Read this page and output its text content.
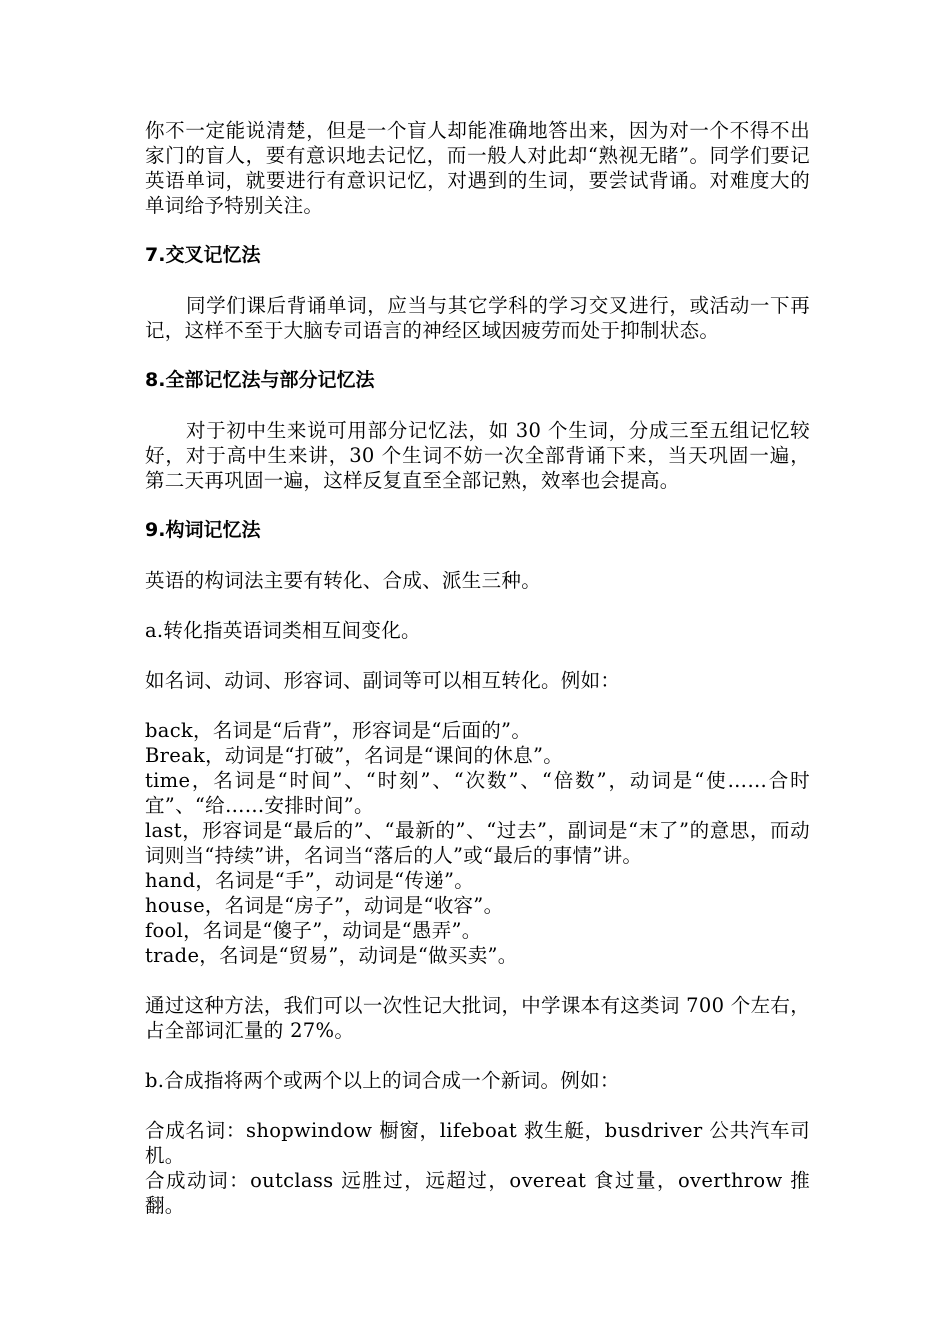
你不一定能说清楚，但是一个盲人却能准确地答出来，因为对一个不得不出家门的盲人，要有意识地去记忆，而一般人对此却“熟视无睹”。同学们要记英语单词，就要进行有意识记忆，对遇到的生词，要尝试背诵。对难度大的单词给予特别关注。

7.交叉记忆法

同学们课后背诵单词，应当与其它学科的学习交叉进行，或活动一下再记，这样不至于大脑专司语言的神经区域因疲劳而处于抑制状态。

8.全部记忆法与部分记忆法

对于初中生来说可用部分记忆法，如 30 个生词，分成三至五组记忆较好，对于高中生来讲，30 个生词不妨一次全部背诵下来，当天巩固一遍，第二天再巩固一遍，这样反复直至全部记熟，效率也会提高。

9.构词记忆法

英语的构词法主要有转化、合成、派生三种。

a.转化指英语词类相互间变化。

如名词、动词、形容词、副词等可以相互转化。例如：

back，名词是“后背”，形容词是“后面的”。

Break，动词是“打破”，名词是“课间的休息”。

time，名词是“时间”、“时刻”、“次数”、“倍数”，动词是“使……合时宜”、“给……安排时间”。

last，形容词是“最后的”、“最新的”、“过去”，副词是“末了”的意思，而动词则当“持续”讲，名词当“落后的人”或“最后的事情”讲。

hand，名词是“手”，动词是“传递”。

house，名词是“房子”，动词是“收容”。

fool，名词是“傻子”，动词是“愚弄”。

trade，名词是“贸易”，动词是“做买卖”。

通过这种方法，我们可以一次性记大批词，中学课本有这类词 700 个左右，占全部词汇量的 27%。

b.合成指将两个或两个以上的词合成一个新词。例如：

合成名词：shopwindow 橱窗，lifeboat 救生艇，busdriver 公共汽车司机。

合成动词：outclass 远胜过，远超过，overeat 食过量，overthrow 推翻。
